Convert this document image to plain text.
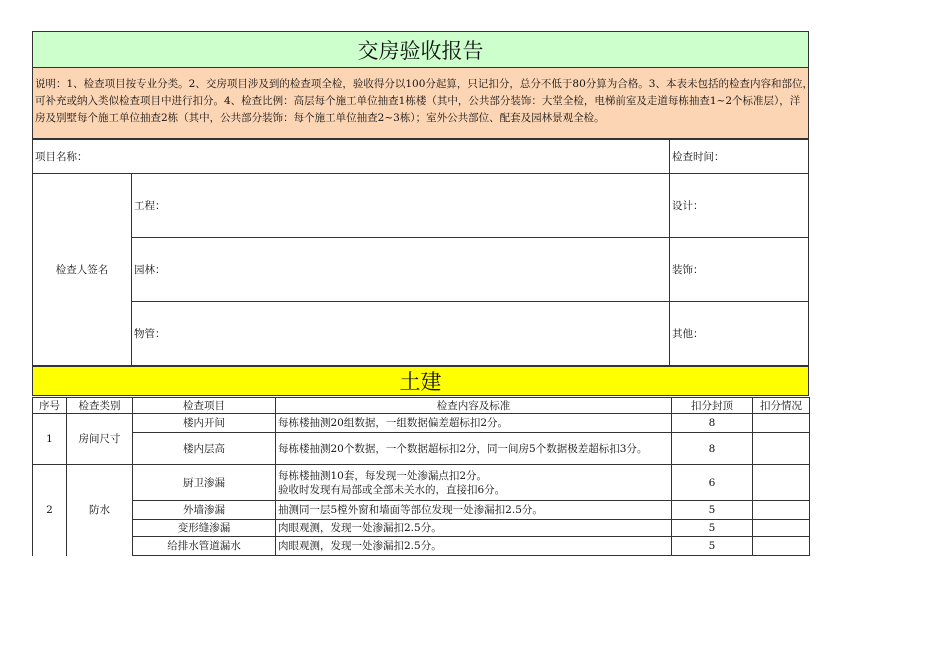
交房验收报告
说明：1、检查项目按专业分类。2、交房项目涉及到的检查项全检，验收得分以100分起算，只记扣分，总分不低于80分算为合格。3、本表未包括的检查内容和部位，
可补充或纳入类似检查项目中进行扣分。4、检查比例：高层每个施工单位抽查1栋楼（其中，公共部分装饰：大堂全检，电梯前室及走道每栋抽查1~2个标准层），洋
房及别墅每个施工单位抽查2栋（其中，公共部分装饰：每个施工单位抽查2~3栋）；室外公共部位、配套及园林景观全检。
项目名称：	检查时间：
检查人签名
工程：	设计：
园林：	装饰：
物管：	其他：
土建
序号	检查类别	检查项目	检查内容及标准	扣分封顶	扣分情况
1	房间尺寸	楼内开间	每栋楼抽测20组数据，一组数据偏差超标扣2分。	8	
		楼内层高	每栋楼抽测20个数据，一个数据超标扣2分，同一间房5个数据极差超标扣3分。	8	
2	防水	厨卫渗漏	每栋楼抽测10套，每发现一处渗漏点扣2分。
验收时发现有局部或全部未关水的，直接扣6分。	6	
		外墙渗漏	抽测同一层5樘外窗和墙面等部位发现一处渗漏扣2.5分。	5	
		变形缝渗漏	肉眼观测，发现一处渗漏扣2.5分。	5	
		给排水管道漏水	肉眼观测，发现一处渗漏扣2.5分。	5	
